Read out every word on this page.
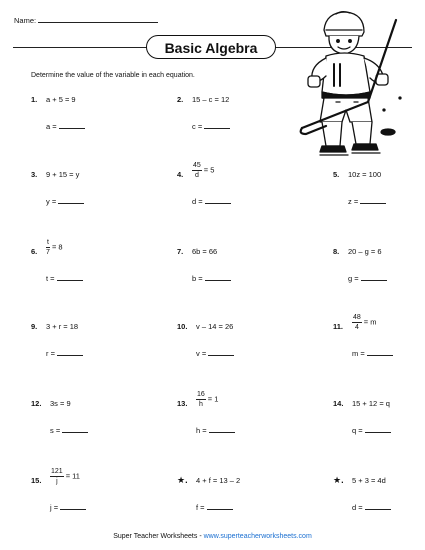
Name:
Basic Algebra
Determine the value of the variable in each equation.
1. a + 5 = 9
a =
2. 15 – c = 12
c =
3. 9 + 15 = y
y =
4. $\frac{45}{d} = 5$
d =
5. 10z = 100
z =
6. $\frac{t}{7} = 8$
t =
7. 6b = 66
b =
8. 20 – g = 6
g =
9. 3 + r = 18
r =
10. v – 14 = 26
v =
11. $\frac{48}{4} = m$
m =
12. 3s = 9
s =
13. $\frac{16}{h} = 1$
h =
14. 15 + 12 = q
q =
15. $\frac{121}{j} = 11$
j =
★. 4 + f = 13 – 2
f =
★. 5 + 3 = 4d
d =
Super Teacher Worksheets - www.superteacherworksheets.com
